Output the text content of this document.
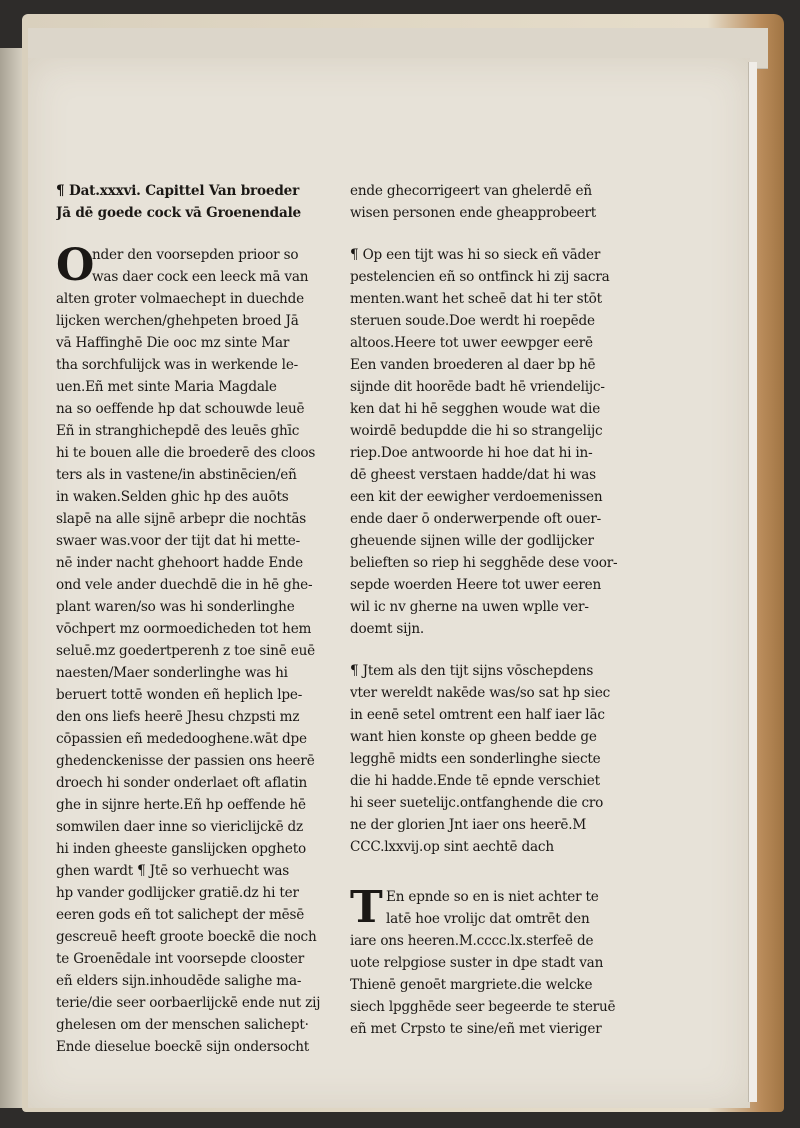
¶ Dat.xxxvi. Capittel Van broeder
Jā dē goede cock vā Groenendale
O
nder den voorsepden prioor so
was daer cock een leeck mā van
alten groter volmaechept in duechde
lijcken werchen/ghehpeten broed Jā
vā Haffinghē Die ooc mz sinte Mar
tha sorchfulijck was in werkende le-
uen.Eñ met sinte Maria Magdale
na so oeffende hp dat schouwde leuē
Eñ in stranghichepdē des leuēs ghīc
hi te bouen alle die broederē des cloos
ters als in vastene/in abstinēcien/eñ
in waken.Selden ghic hp des auōts
slapē na alle sijnē arbepr die nochtās
swaer was.voor der tijt dat hi mette-
nē inder nacht ghehoort hadde Ende
ond vele ander duechdē die in hē ghe-
plant waren/so was hi sonderlinghe
vōchpert mz oormoedicheden tot hem
seluē.mz goedertperenh z toe sinē euē
naesten/Maer sonderlinghe was hi
beruert tottē wonden eñ heplich lpe-
den ons liefs heerē Jhesu chzpsti mz
cōpassien eñ mededooghene.wāt dpe
ghedenckenisse der passien ons heerē
droech hi sonder onderlaet oft aflatin
ghe in sijnre herte.Eñ hp oeffende hē
somwilen daer inne so viericlijckē dz
hi inden gheeste ganslijcken opgheto
ghen wardt ¶ Jtē so verhuecht was
hp vander godlijcker gratiē.dz hi ter
eeren gods eñ tot salichept der mēsē
gescreuē heeft groote boeckē die noch
te Groenēdale int voorsepde clooster
eñ elders sijn.inhoudēde salighe ma-
terie/die seer oorbaerlijckē ende nut zij
ghelesen om der menschen salichept·
Ende dieselue boeckē sijn ondersocht
ende ghecorrigeert van ghelerdē eñ
wisen personen ende gheapprobeert
¶ Op een tijt was hi so sieck eñ vāder
pestelencien eñ so ontfinck hi zij sacra
menten.want het scheē dat hi ter stōt
steruen soude.Doe werdt hi roepēde
altoos.Heere tot uwer eewpger eerē
Een vanden broederen al daer bp hē
sijnde dit hoorēde badt hē vriendelijc-
ken dat hi hē segghen woude wat die
woirdē bedupdde die hi so strangelijc
riep.Doe antwoorde hi hoe dat hi in-
dē gheest verstaen hadde/dat hi was
een kit der eewigher verdoemenissen
ende daer ō onderwerpende oft ouer-
gheuende sijnen wille der godlijcker
belieften so riep hi segghēde dese voor-
sepde woerden Heere tot uwer eeren
wil ic nv gherne na uwen wplle ver-
doemt sijn.
¶ Jtem als den tijt sijns vōschepdens
vter wereldt nakēde was/so sat hp siec
in eenē setel omtrent een half iaer lāc
want hien konste op gheen bedde ge
legghē midts een sonderlinghe siecte
die hi hadde.Ende tē epnde verschiet
hi seer suetelijc.ontfanghende die cro
ne der glorien Jnt iaer ons heerē.M
CCC.lxxvij.op sint aechtē dach
T En epnde so en is niet achter te
latē hoe vrolijc dat omtrēt den
iare ons heeren.M.cccc.lx.sterfeē de
uote relpgiose suster in dpe stadt van
Thienē genoēt margriete.die welcke
siech lpgghēde seer begeerde te steruē
eñ met Crpsto te sine/eñ met vieriger
